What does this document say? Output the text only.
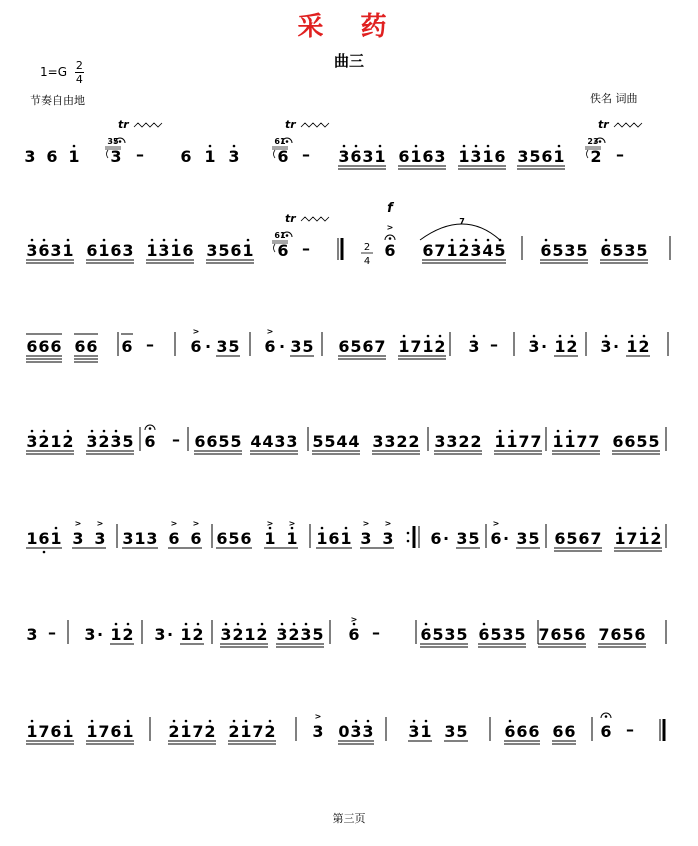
采 药
曲三
$1=G \frac{2}{4}$
节奏自由地	佚名 词曲
第三页
3 6 1 3
35
tr
– 6 1 3 6
61
tr
– 3 6 3 1 6 1 6 3 1 3 1 6 3 5 6 1 2
23
tr
–
3 6 3 1 6 1 6 3 1 3 1 6 3 5 6 1 6
61
tr
–	2
4
6
f
>
6 7 1 2 3 4 5
7
6 5 3 5 6 5 3 5
6 6 6 6 6 6 – 6
>
· 3 5 6
>
· 3 5 6 5 6 7 1 7 1 2 3 – 3 · 1 2 3 · 1 2
3 2 1 2 3 2 3 5 6 – 6 6 5 5 4 4 3 3 5 5 4 4 3 3 2 2 3 3 2 2 1 1 7 7 1 1 7 7 6 6 5 5
1 6 1 3
>
3
>
3 1 3 6
>
6
>
6 5 6 1
>
1
>
1 6 1 3
>
3
>
6 · 3 5 6
>
· 3 5 6 5 6 7 1 7 1 2
3 – 3 · 1 2 3 · 1 2 3 2 1 2 3 2 3 5 6
>
–	6 5 3 5 6 5 3 5 7 6 5 6 7 6 5 6
1 7 6 1 1 7 6 1 2 1 7 2 2 1 7 2 3
>
0 3 3 3 1 3 5 6 6 6 6 6 6 –
